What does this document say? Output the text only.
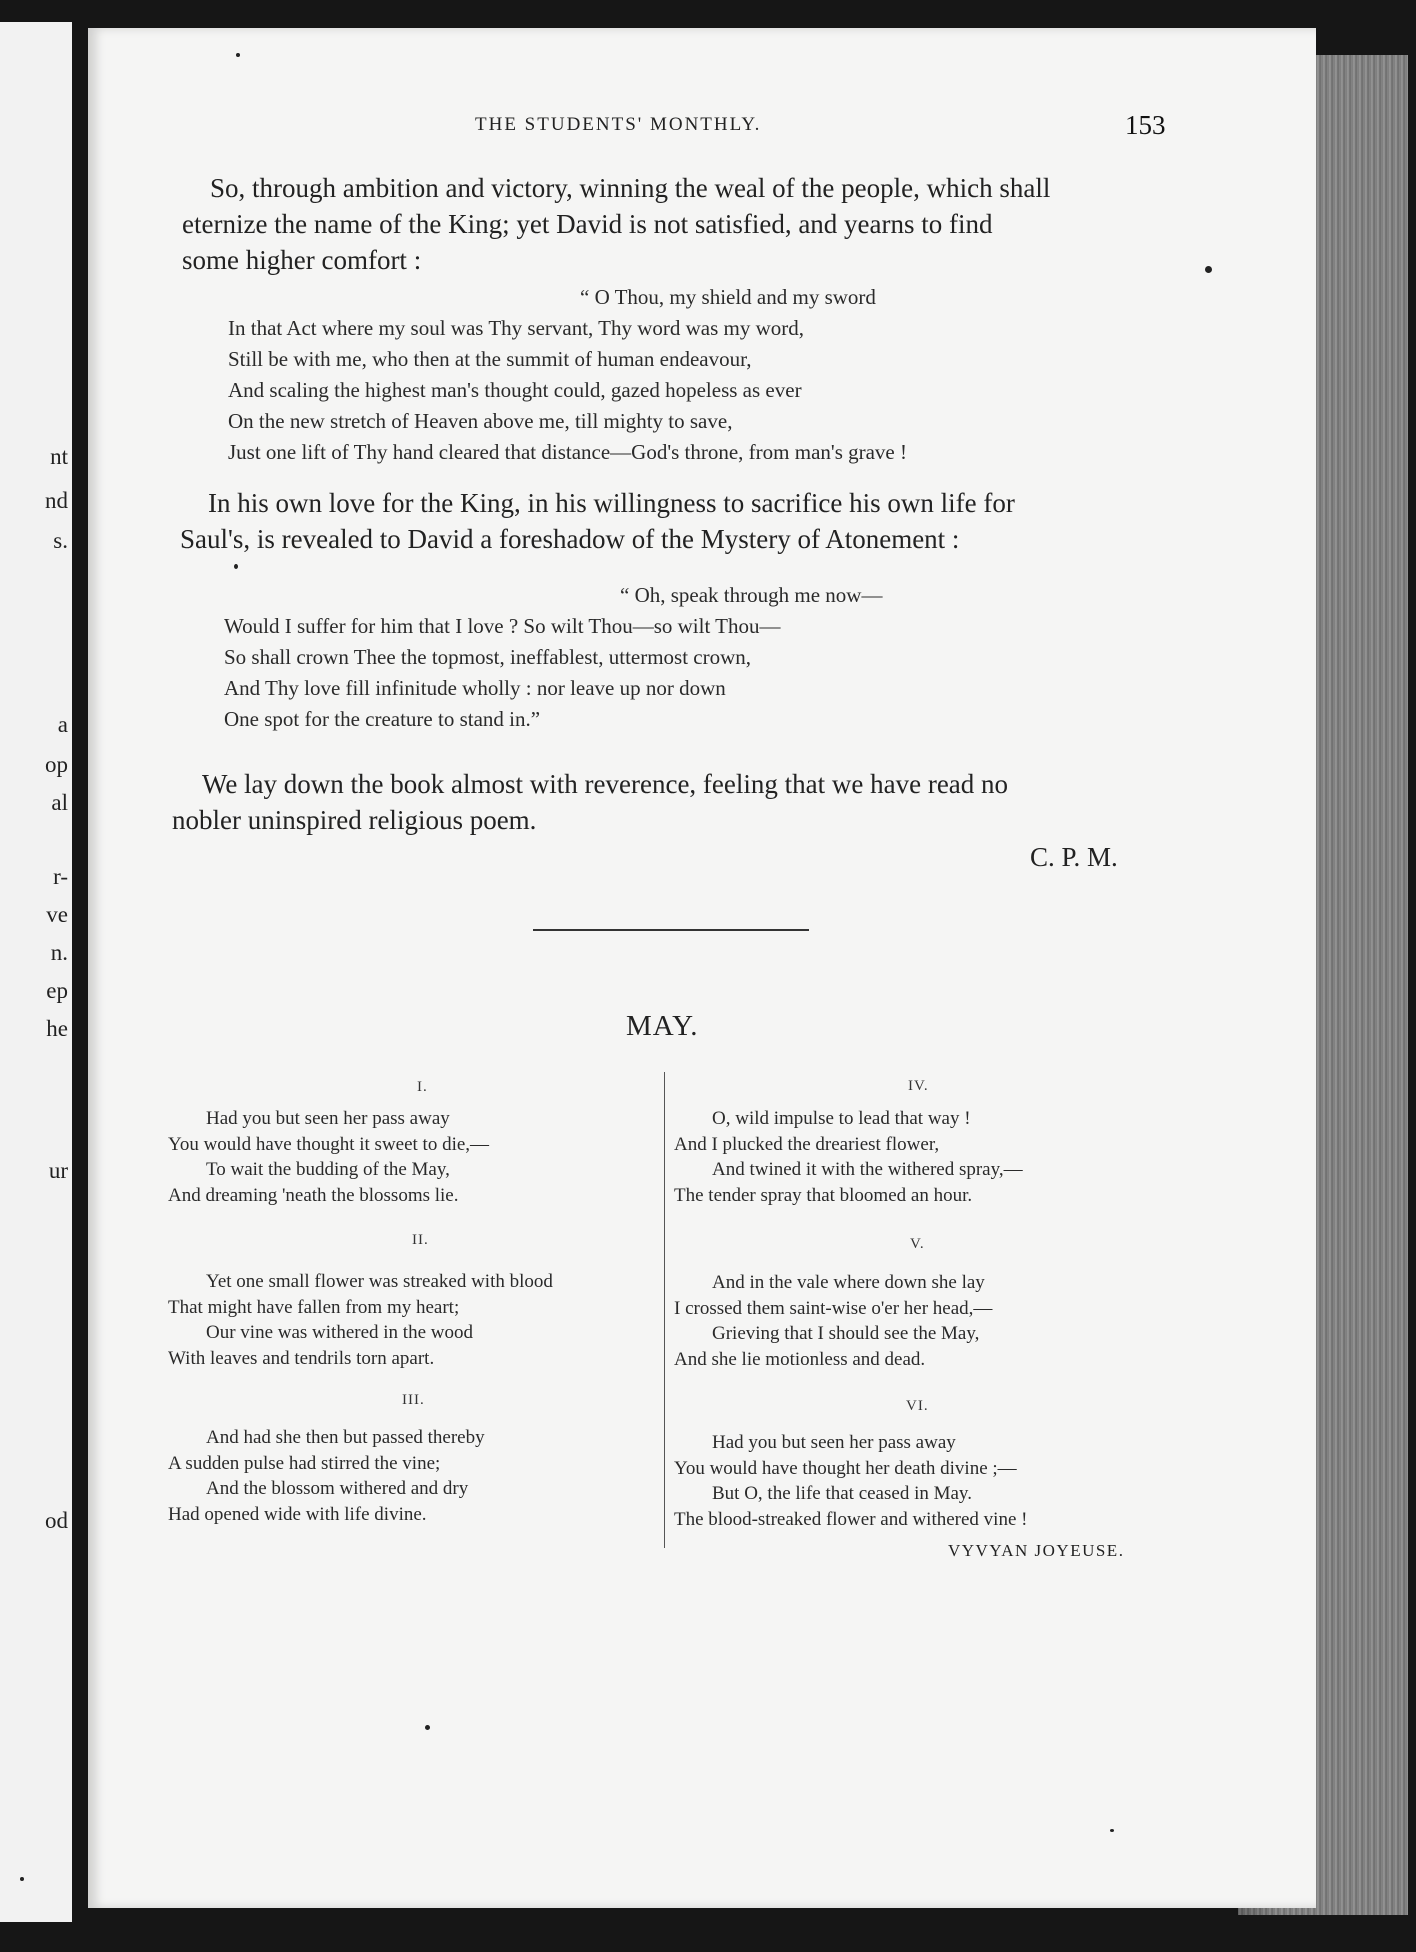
nt
nd
s.
a
op
al
r-
ve
n.
ep
he
ur
od
THE STUDENTS' MONTHLY.	153
So, through ambition and victory, winning the weal of the people, which shall
eternize the name of the King; yet David is not satisfied, and yearns to find
some higher comfort :
“ O Thou, my shield and my sword
In that Act where my soul was Thy servant, Thy word was my word,
Still be with me, who then at the summit of human endeavour,
And scaling the highest man's thought could, gazed hopeless as ever
On the new stretch of Heaven above me, till mighty to save,
Just one lift of Thy hand cleared that distance—God's throne, from man's grave !
In his own love for the King, in his willingness to sacrifice his own life for
Saul's, is revealed to David a foreshadow of the Mystery of Atonement :
“ Oh, speak through me now—
Would I suffer for him that I love ? So wilt Thou—so wilt Thou—
So shall crown Thee the topmost, ineffablest, uttermost crown,
And Thy love fill infinitude wholly : nor leave up nor down
One spot for the creature to stand in.”
We lay down the book almost with reverence, feeling that we have read no
nobler uninspired religious poem.
C. P. M.
MAY.
I.
Had you but seen her pass away
You would have thought it sweet to die,—
To wait the budding of the May,
And dreaming 'neath the blossoms lie.
II.
Yet one small flower was streaked with blood
That might have fallen from my heart;
Our vine was withered in the wood
With leaves and tendrils torn apart.
III.
And had she then but passed thereby
A sudden pulse had stirred the vine;
And the blossom withered and dry
Had opened wide with life divine.
IV.
O, wild impulse to lead that way !
And I plucked the dreariest flower,
And twined it with the withered spray,—
The tender spray that bloomed an hour.
V.
And in the vale where down she lay
I crossed them saint-wise o'er her head,—
Grieving that I should see the May,
And she lie motionless and dead.
VI.
Had you but seen her pass away
You would have thought her death divine ;—
But O, the life that ceased in May.
The blood-streaked flower and withered vine !
VYVYAN JOYEUSE.
